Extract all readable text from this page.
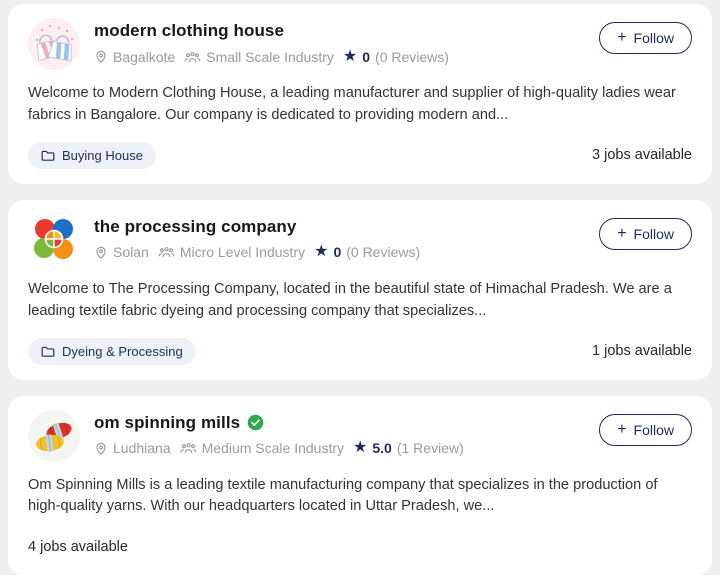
modern clothing house
Bagalkote Small Scale Industry ★ 0 (0 Reviews)
+ Follow

Welcome to Modern Clothing House, a leading manufacturer and supplier of high-quality ladies wear fabrics in Bangalore. Our company is dedicated to providing modern and...

Buying House	3 jobs available
the processing company
Solan Micro Level Industry ★ 0 (0 Reviews)
+ Follow

Welcome to The Processing Company, located in the beautiful state of Himachal Pradesh. We are a leading textile fabric dyeing and processing company that specializes...

Dyeing & Processing	1 jobs available
om spinning mills
Ludhiana Medium Scale Industry ★ 5.0 (1 Review)
+ Follow

Om Spinning Mills is a leading textile manufacturing company that specializes in the production of high-quality yarns. With our headquarters located in Uttar Pradesh, we...

4 jobs available
